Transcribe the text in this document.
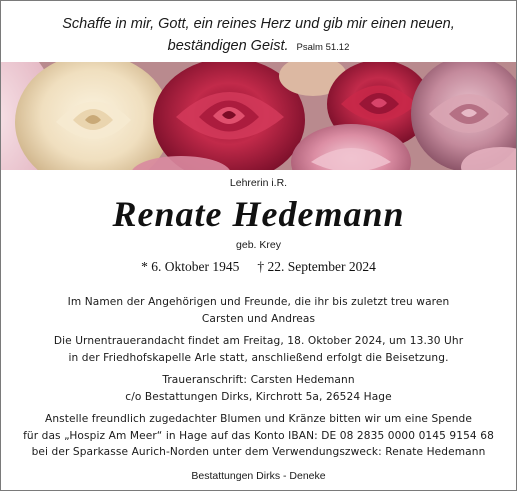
Schaffe in mir, Gott, ein reines Herz und gib mir einen neuen,
beständigen Geist. Psalm 51.12
Lehrerin i.R.
Renate Hedemann
geb. Krey
* 6. Oktober 1945 † 22. September 2024
Im Namen der Angehörigen und Freunde, die ihr bis zuletzt treu waren
Carsten und Andreas
Die Urnentrauerandacht findet am Freitag, 18. Oktober 2024, um 13.30 Uhr
in der Friedhofskapelle Arle statt, anschließend erfolgt die Beisetzung.
Traueranschrift: Carsten Hedemann
c/o Bestattungen Dirks, Kirchrott 5a, 26524 Hage
Anstelle freundlich zugedachter Blumen und Kränze bitten wir um eine Spende
für das „Hospiz Am Meer“ in Hage auf das Konto IBAN: DE 08 2835 0000 0145 9154 68
bei der Sparkasse Aurich-Norden unter dem Verwendungszweck: Renate Hedemann
Bestattungen Dirks - Deneke
